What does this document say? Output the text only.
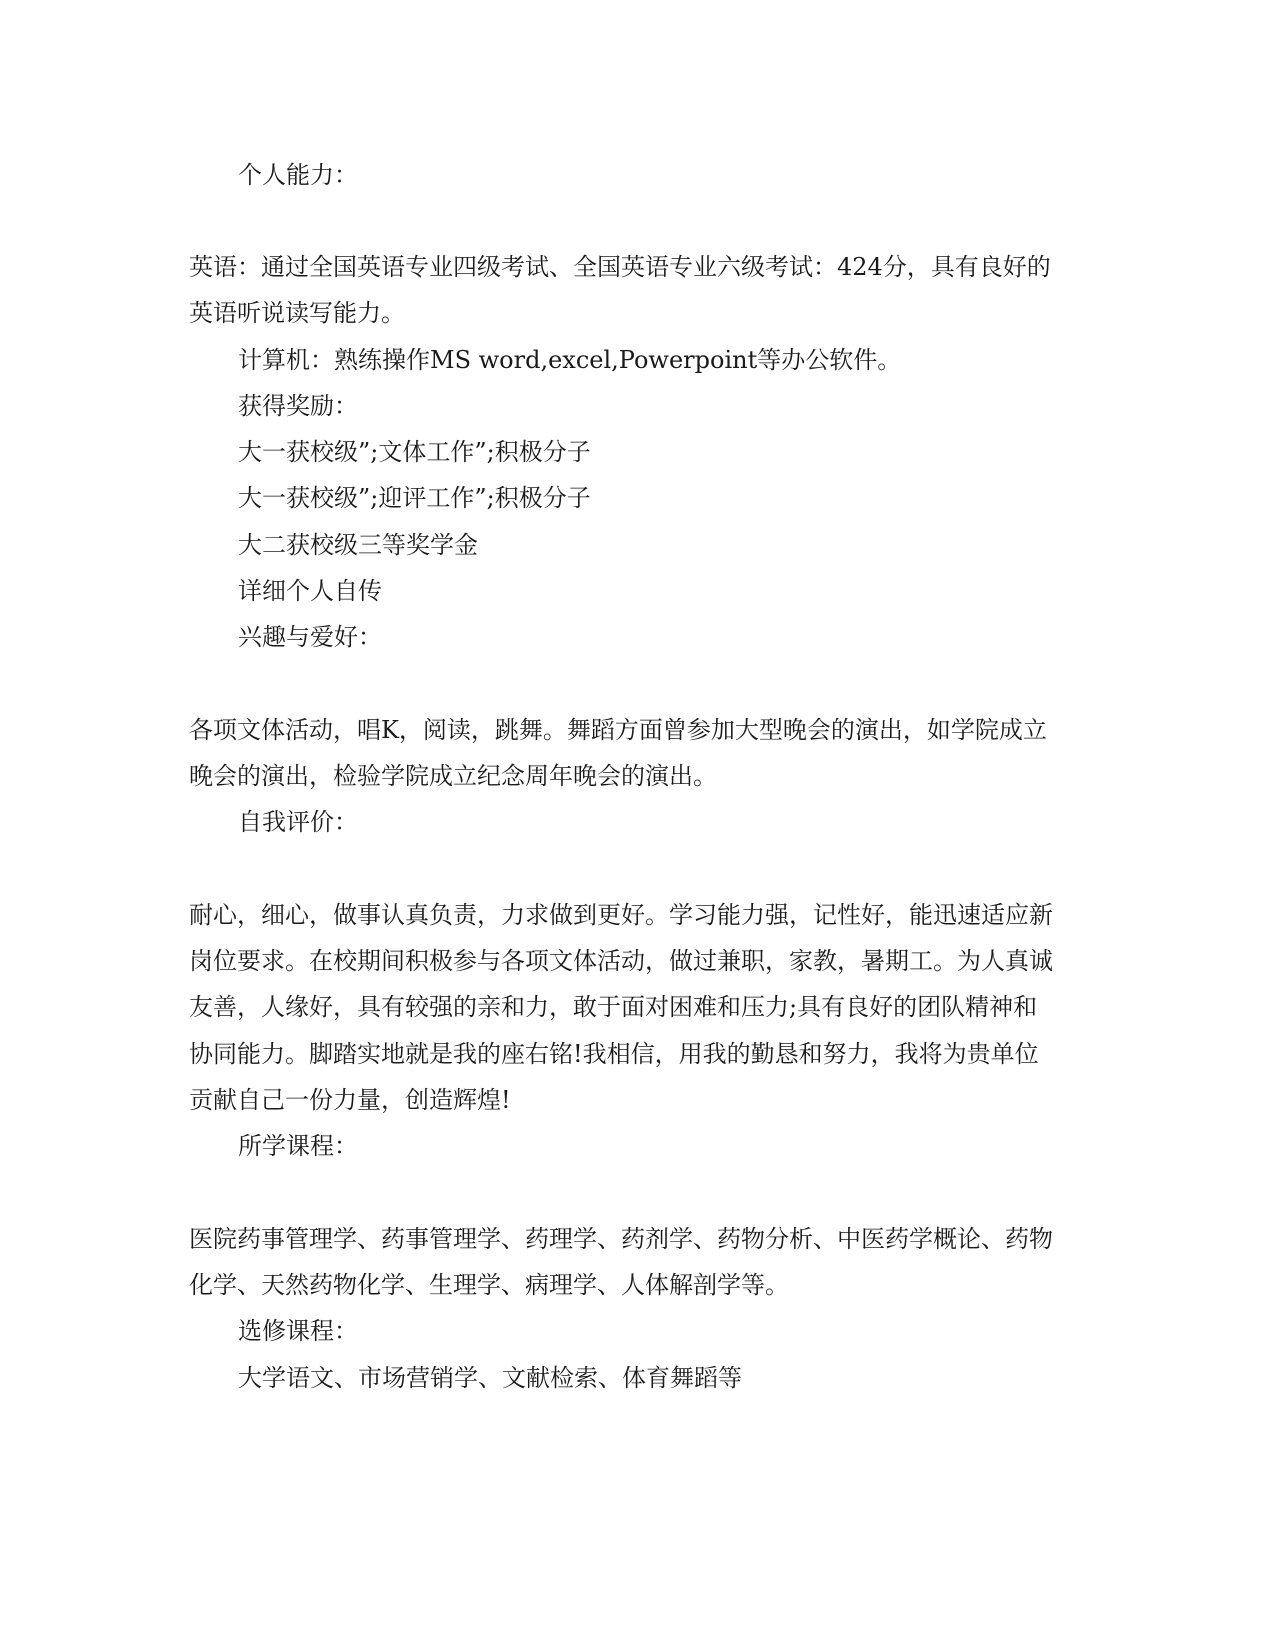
个人能力：

英语：通过全国英语专业四级考试、全国英语专业六级考试：424分，具有良好的

英语听说读写能力。

计算机：熟练操作MS word,excel,Powerpoint等办公软件。

获得奖励：

大一获校级”;文体工作”;积极分子

大一获校级”;迎评工作”;积极分子

大二获校级三等奖学金

详细个人自传

兴趣与爱好：

各项文体活动，唱K，阅读，跳舞。舞蹈方面曾参加大型晚会的演出，如学院成立

晚会的演出，检验学院成立纪念周年晚会的演出。

自我评价：

耐心，细心，做事认真负责，力求做到更好。学习能力强，记性好，能迅速适应新

岗位要求。在校期间积极参与各项文体活动，做过兼职，家教，暑期工。为人真诚

友善，人缘好，具有较强的亲和力，敢于面对困难和压力;具有良好的团队精神和

协同能力。脚踏实地就是我的座右铭!我相信，用我的勤恳和努力，我将为贵单位

贡献自己一份力量，创造辉煌!

所学课程：

医院药事管理学、药事管理学、药理学、药剂学、药物分析、中医药学概论、药物

化学、天然药物化学、生理学、病理学、人体解剖学等。

选修课程：

大学语文、市场营销学、文献检索、体育舞蹈等
